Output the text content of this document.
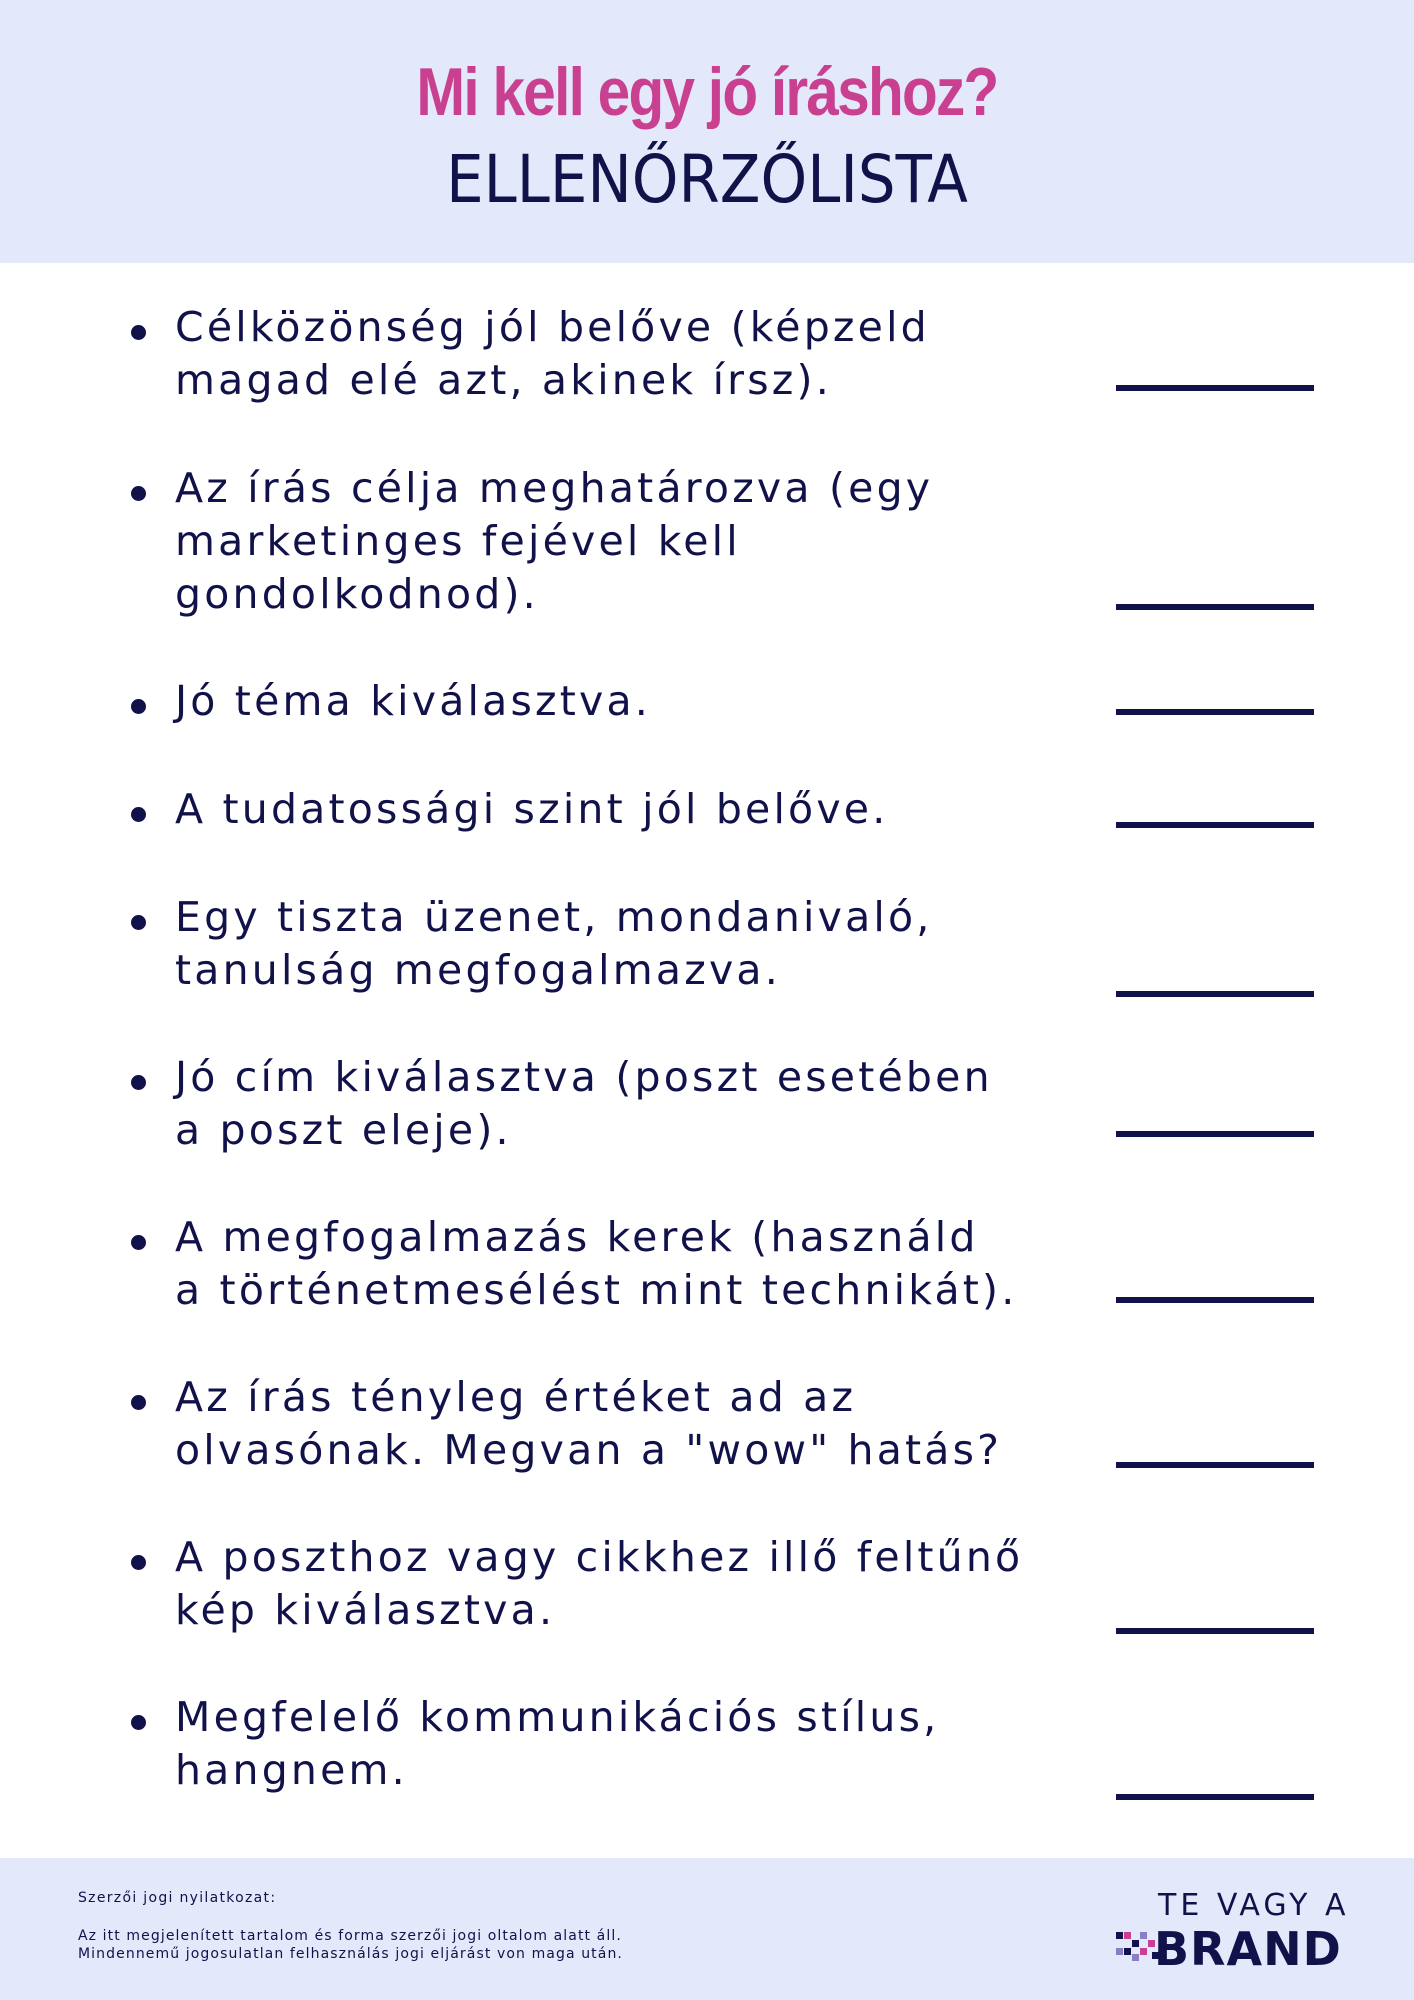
Mi kell egy jó íráshoz?
ELLENŐRZŐLISTA
Célközönség jól belőve (képzeld
magad elé azt, akinek írsz).
Az írás célja meghatározva (egy
marketinges fejével kell
gondolkodnod).
Jó téma kiválasztva.
A tudatossági szint jól belőve.
Egy tiszta üzenet, mondanivaló,
tanulság megfogalmazva.
Jó cím kiválasztva (poszt esetében
a poszt eleje).
A megfogalmazás kerek (használd
a történetmesélést mint technikát).
Az írás tényleg értéket ad az
olvasónak. Megvan a "wow" hatás?
A poszthoz vagy cikkhez illő feltűnő
kép kiválasztva.
Megfelelő kommunikációs stílus,
hangnem.
Szerzői jogi nyilatkozat:
Az itt megjelenített tartalom és forma szerzői jogi oltalom alatt áll.
Mindennemű jogosulatlan felhasználás jogi eljárást von maga után.
TE VAGY A
BRAND
